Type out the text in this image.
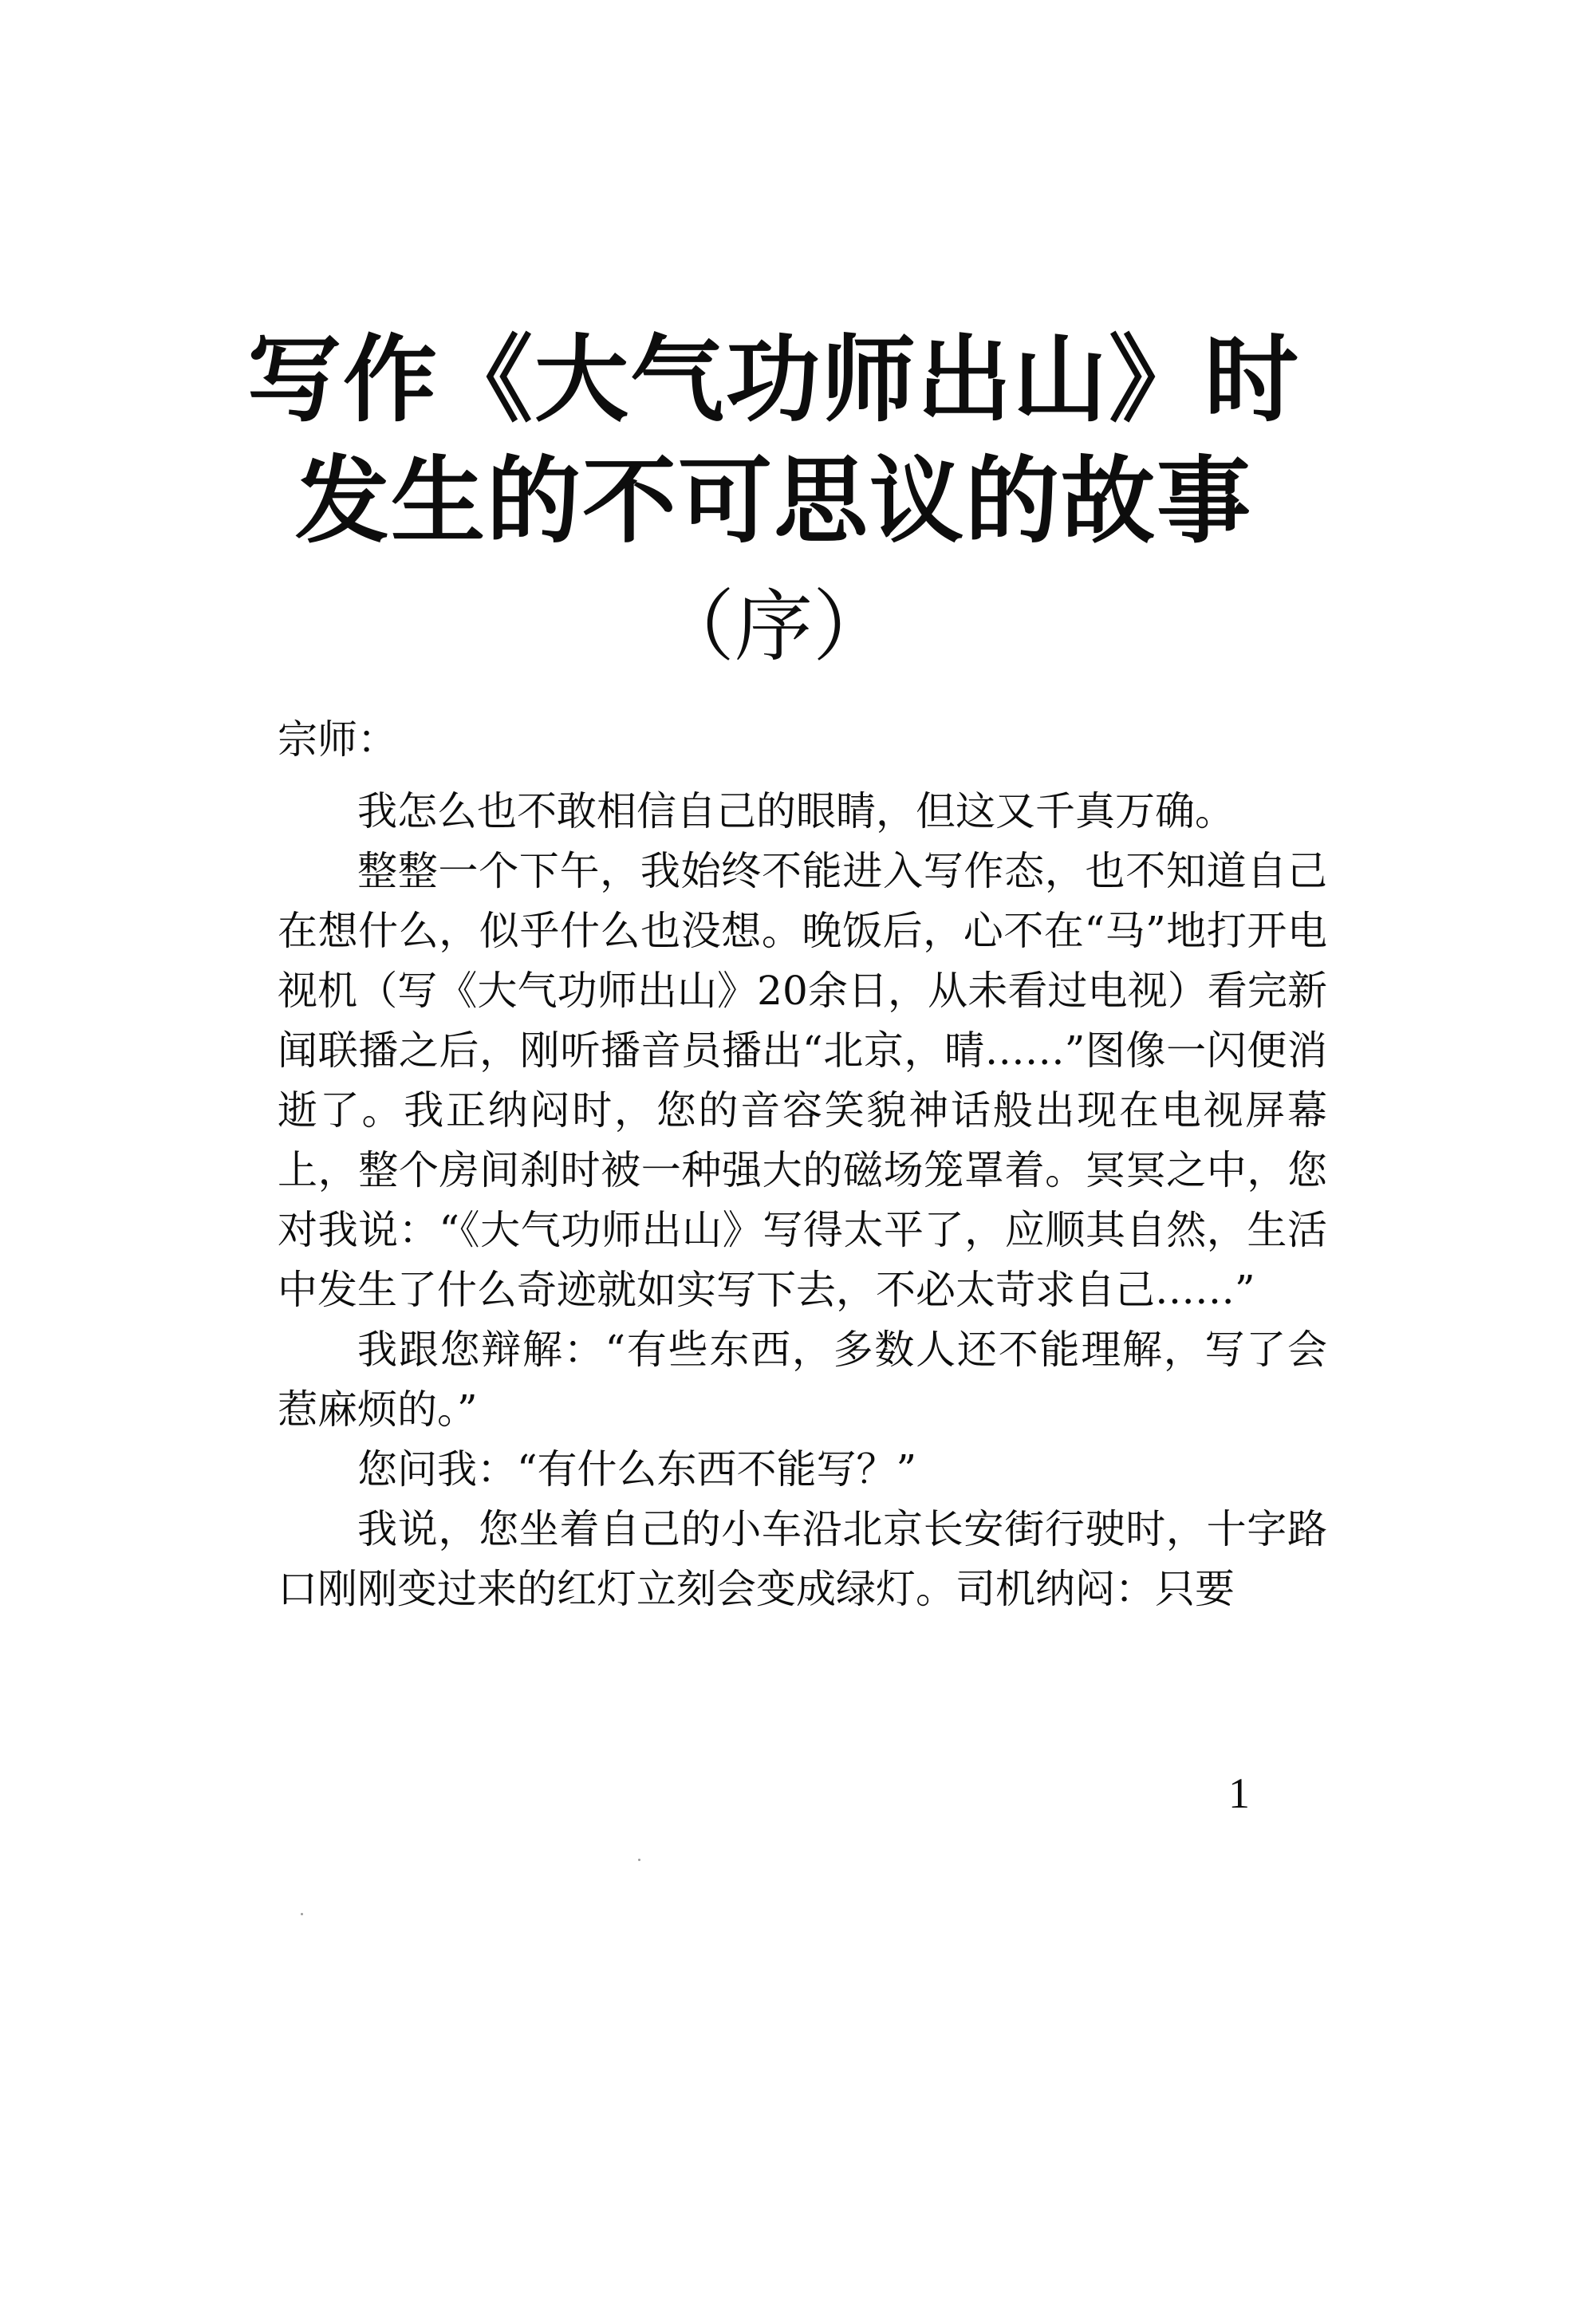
写作《大气功师出山》时
发生的不可思议的故事
（序）

宗师：

我怎么也不敢相信自己的眼睛，但这又千真万确。

整整一个下午，我始终不能进入写作态，也不知道自己在想什么，似乎什么也没想。晚饭后，心不在“马”地打开电视机（写《大气功师出山》20余日，从未看过电视）看完新闻联播之后，刚听播音员播出“北京，晴……”图像一闪便消逝了。我正纳闷时，您的音容笑貌神话般出现在电视屏幕上，整个房间刹时被一种强大的磁场笼罩着。冥冥之中，您对我说：“《大气功师出山》写得太平了，应顺其自然，生活中发生了什么奇迹就如实写下去，不必太苛求自己……”

我跟您辩解：“有些东西，多数人还不能理解，写了会惹麻烦的。”

您问我：“有什么东西不能写？”

我说，您坐着自己的小车沿北京长安街行驶时，十字路口刚刚变过来的红灯立刻会变成绿灯。司机纳闷：只要

1
